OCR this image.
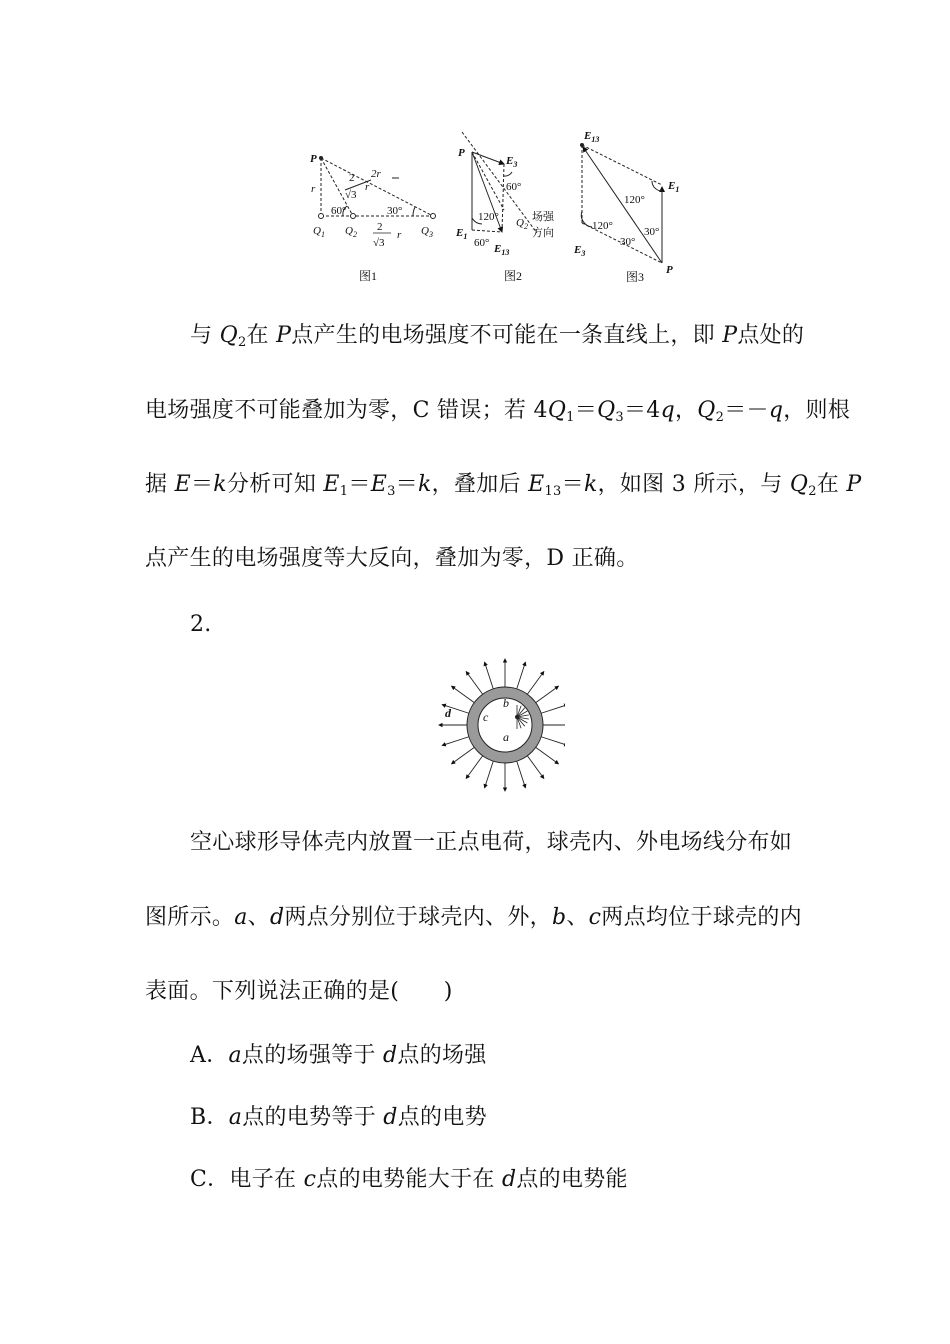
P
r
2r
2
√3
r
60°	30°
$Q_1$ $Q_2$
2
√3
r $Q_3$
图1
P
$E_3$
60°
120° $Q_2$
场强
方向
$E_1$
60° $E_{13}$
图2
$E_{13}$
$E_1$
120°
120°
30°
30°
$E_3$
P
图3
与 $Q_2$在 P点产生的电场强度不可能在一条直线上，即 P点处的
电场强度不可能叠加为零，C 错误；若 $4Q_1=Q_3=4q$，$Q_2=-q$，则根
据 E＝k分析可知 $E_1=E_3=k$，叠加后 $E_{13}=k$，如图 3 所示，与 $Q_2$在 P
点产生的电场强度等大反向，叠加为零，D 正确。
2.
a
b
c
d
空心球形导体壳内放置一正点电荷，球壳内、外电场线分布如
图所示。a、d两点分别位于球壳内、外，b、c两点均位于球壳的内
表面。下列说法正确的是(　　)
A．a点的场强等于 d点的场强
B．a点的电势等于 d点的电势
C．电子在 c点的电势能大于在 d点的电势能
